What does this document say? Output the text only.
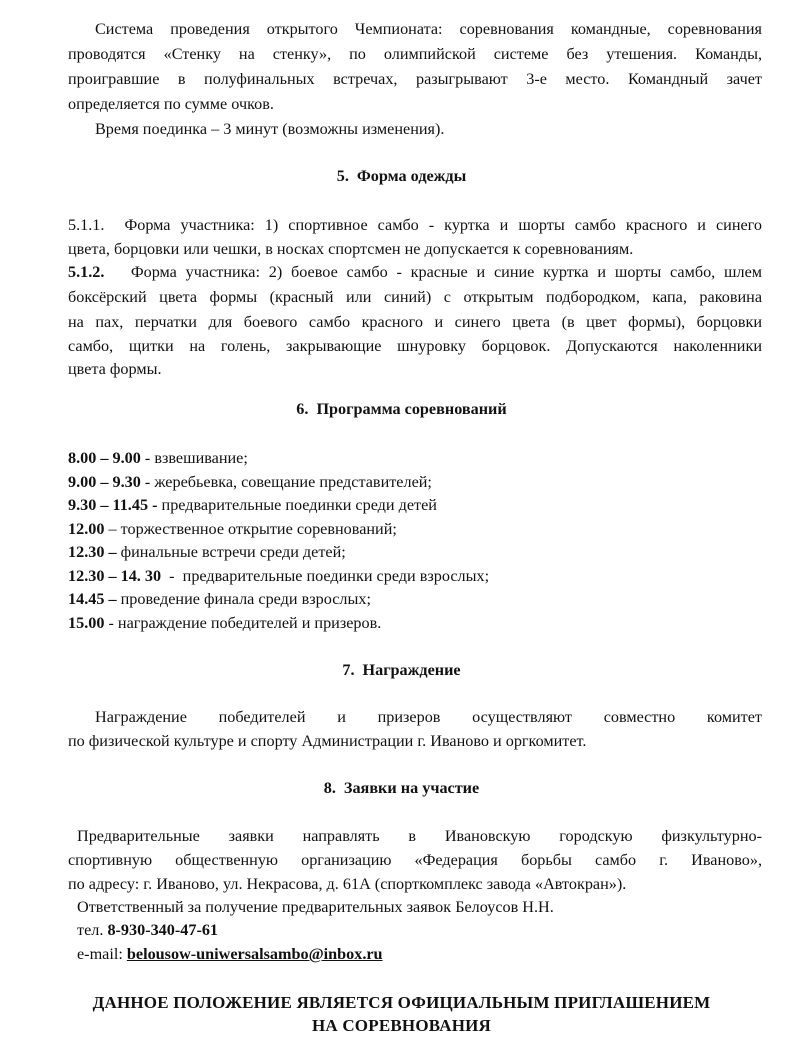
Система проведения открытого Чемпионата: соревнования командные, соревнования
проводятся «Стенку на стенку», по олимпийской системе без утешения. Команды,
проигравшие в полуфинальных встречах, разыгрывают 3-е место. Командный зачет
определяется по сумме очков.
Время поединка – 3 минут (возможны изменения).
5. Форма одежды
5.1.1. Форма участника: 1) спортивное самбо - куртка и шорты самбо красного и синего
цвета, борцовки или чешки, в носках спортсмен не допускается к соревнованиям.
5.1.2. Форма участника: 2) боевое самбо - красные и синие куртка и шорты самбо, шлем
боксёрский цвета формы (красный или синий) с открытым подбородком, капа, раковина
на пах, перчатки для боевого самбо красного и синего цвета (в цвет формы), борцовки
самбо, щитки на голень, закрывающие шнуровку борцовок. Допускаются наколенники
цвета формы.
6. Программа соревнований
8.00 – 9.00 - взвешивание;
9.00 – 9.30 - жеребьевка, совещание представителей;
9.30 – 11.45 - предварительные поединки среди детей
12.00 – торжественное открытие соревнований;
12.30 – финальные встречи среди детей;
12.30 – 14. 30  -  предварительные поединки среди взрослых;
14.45 – проведение финала среди взрослых;
15.00 - награждение победителей и призеров.
7. Награждение
Награждение победителей и призеров осуществляют совместно комитет
по физической культуре и спорту Администрации г. Иваново и оргкомитет.
8. Заявки на участие
Предварительные заявки направлять в Ивановскую городскую физкультурно-
спортивную общественную организацию «Федерация борьбы самбо г. Иваново»,
по адресу: г. Иваново, ул. Некрасова, д. 61А (спорткомплекс завода «Автокран»).
Ответственный за получение предварительных заявок Белоусов Н.Н.
тел. 8-930-340-47-61
e-mail: belousow-uniwersalsambo@inbox.ru
ДАННОЕ ПОЛОЖЕНИЕ ЯВЛЯЕТСЯ ОФИЦИАЛЬНЫМ ПРИГЛАШЕНИЕМ
НА СОРЕВНОВАНИЯ
